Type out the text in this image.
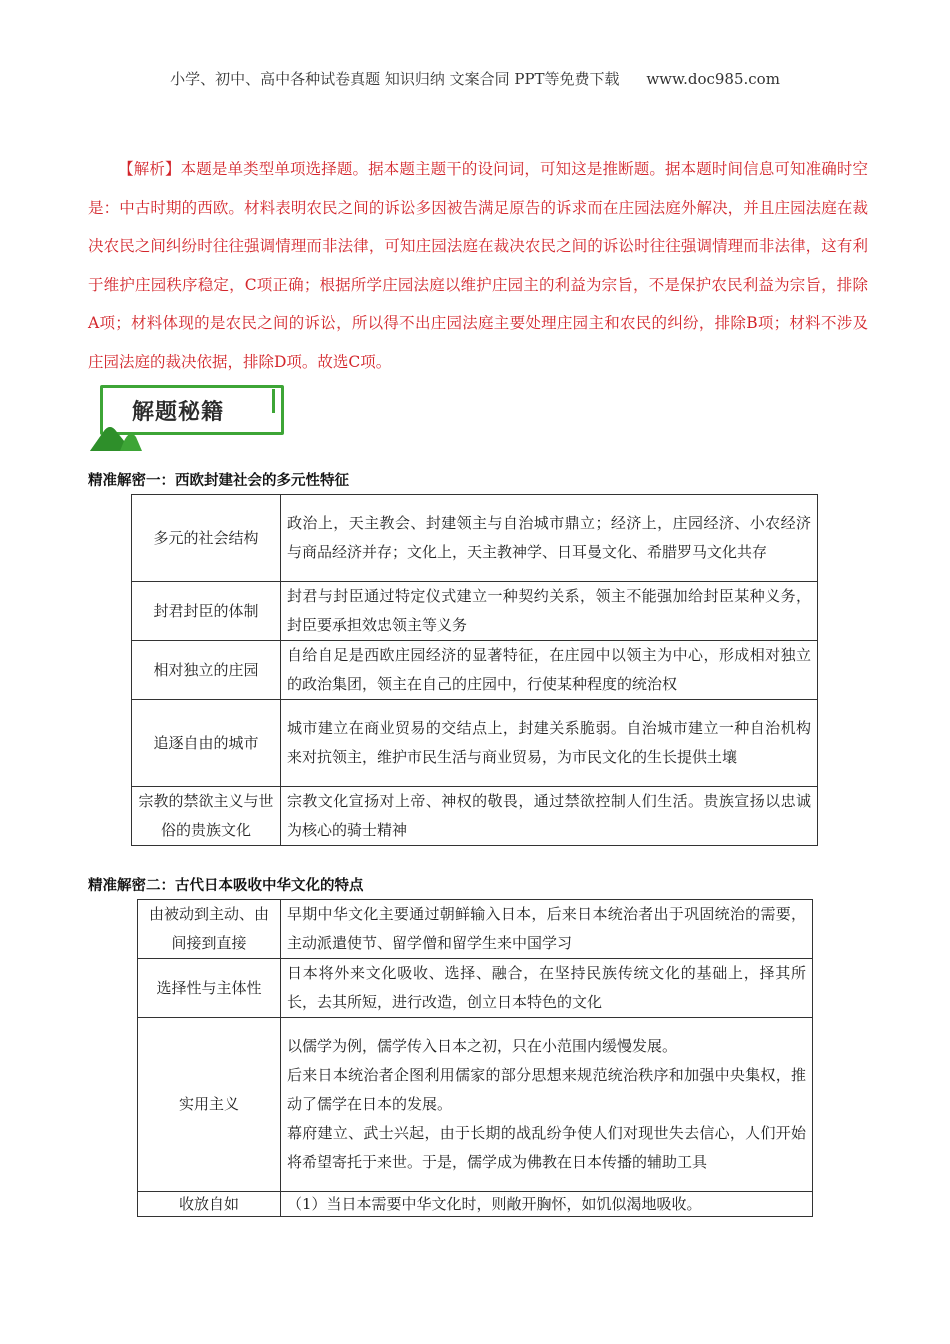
小学、初中、高中各种试卷真题 知识归纳 文案合同 PPT等免费下载 www.doc985.com
【解析】本题是单类型单项选择题。据本题主题干的设问词，可知这是推断题。据本题时间信息可知准确时空是：中古时期的西欧。材料表明农民之间的诉讼多因被告满足原告的诉求而在庄园法庭外解决，并且庄园法庭在裁决农民之间纠纷时往往强调情理而非法律，可知庄园法庭在裁决农民之间的诉讼时往往强调情理而非法律，这有利于维护庄园秩序稳定，C项正确；根据所学庄园法庭以维护庄园主的利益为宗旨，不是保护农民利益为宗旨，排除A项；材料体现的是农民之间的诉讼，所以得不出庄园法庭主要处理庄园主和农民的纠纷，排除B项；材料不涉及庄园法庭的裁决依据，排除D项。故选C项。
解题秘籍
精准解密一：西欧封建社会的多元性特征
多元的社会结构	政治上，天主教会、封建领主与自治城市鼎立；经济上，庄园经济、小农经济与商品经济并存；文化上，天主教神学、日耳曼文化、希腊罗马文化共存
封君封臣的体制	封君与封臣通过特定仪式建立一种契约关系，领主不能强加给封臣某种义务，封臣要承担效忠领主等义务
相对独立的庄园	自给自足是西欧庄园经济的显著特征，在庄园中以领主为中心，形成相对独立的政治集团，领主在自己的庄园中，行使某种程度的统治权
追逐自由的城市	城市建立在商业贸易的交结点上，封建关系脆弱。自治城市建立一种自治机构来对抗领主，维护市民生活与商业贸易，为市民文化的生长提供土壤
宗教的禁欲主义与世俗的贵族文化	宗教文化宣扬对上帝、神权的敬畏，通过禁欲控制人们生活。贵族宣扬以忠诚为核心的骑士精神
精准解密二：古代日本吸收中华文化的特点
由被动到主动、由间接到直接	早期中华文化主要通过朝鲜输入日本，后来日本统治者出于巩固统治的需要，主动派遣使节、留学僧和留学生来中国学习
选择性与主体性	日本将外来文化吸收、选择、融合，在坚持民族传统文化的基础上，择其所长，去其所短，进行改造，创立日本特色的文化
实用主义	以儒学为例，儒学传入日本之初，只在小范围内缓慢发展。
后来日本统治者企图利用儒家的部分思想来规范统治秩序和加强中央集权，推动了儒学在日本的发展。
幕府建立、武士兴起，由于长期的战乱纷争使人们对现世失去信心，人们开始将希望寄托于来世。于是，儒学成为佛教在日本传播的辅助工具

收放自如	（1）当日本需要中华文化时，则敞开胸怀，如饥似渴地吸收。
